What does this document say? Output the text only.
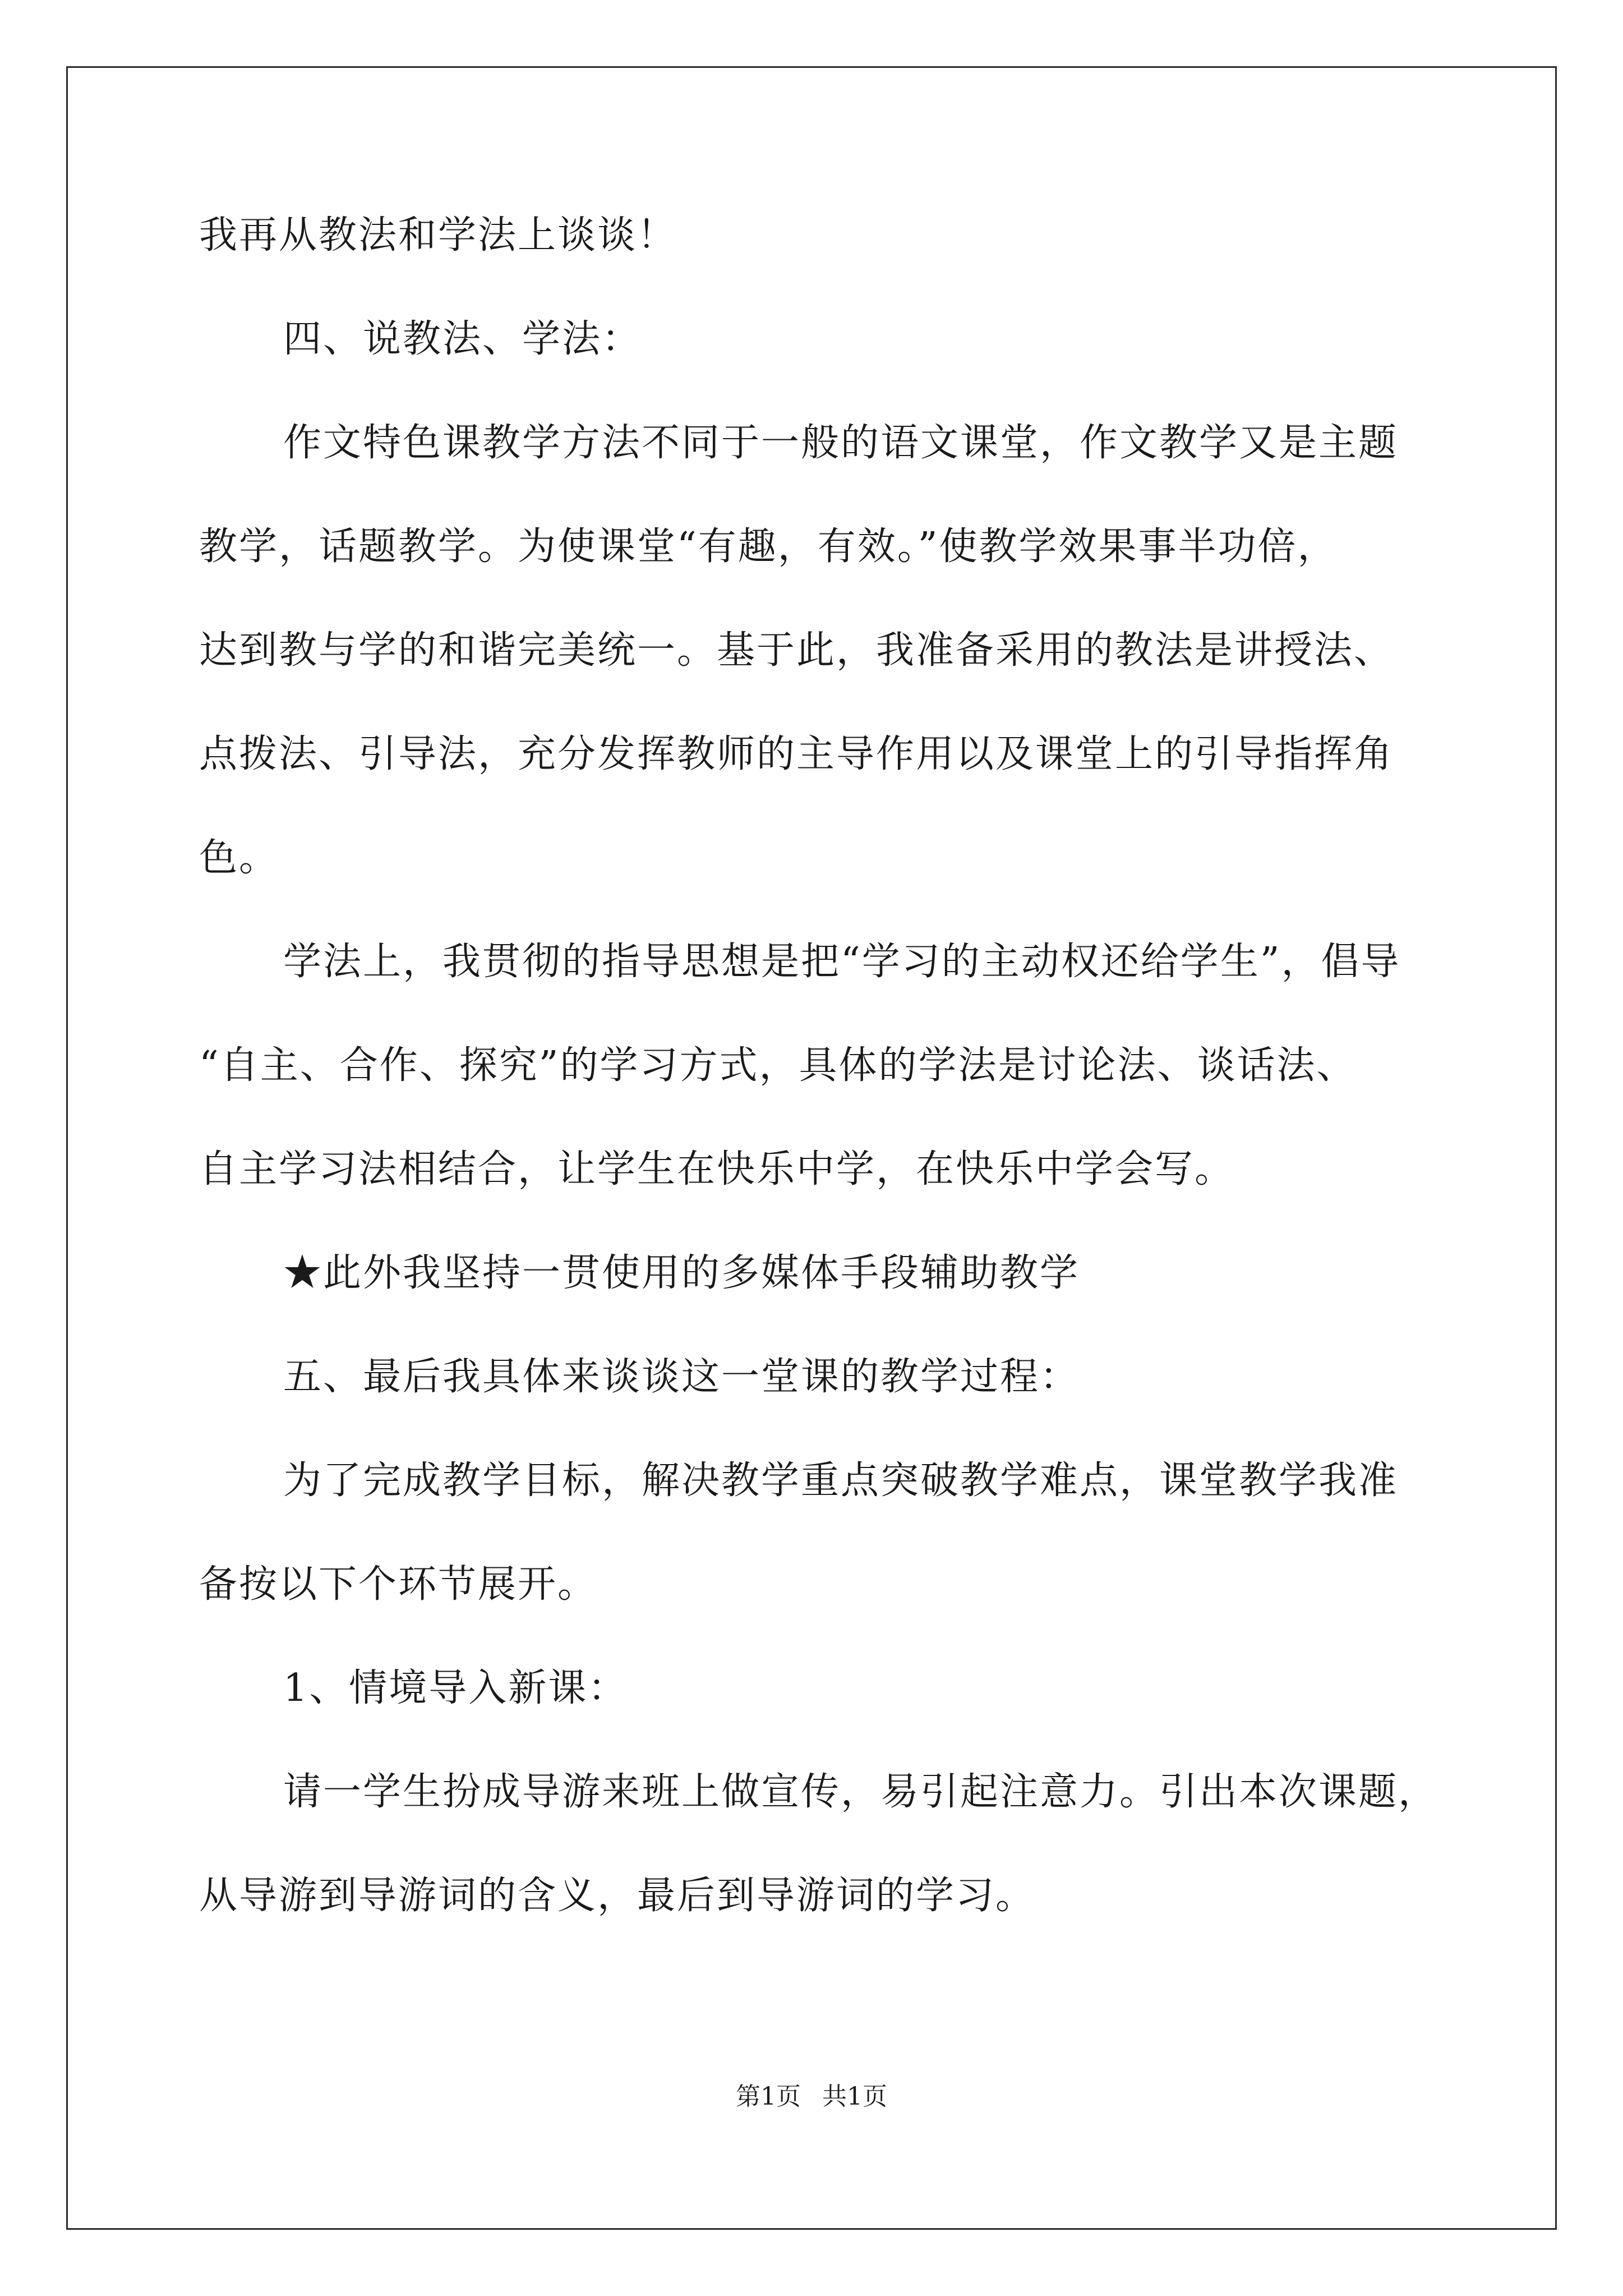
我再从教法和学法上谈谈！
四、说教法、学法：
作文特色课教学方法不同于一般的语文课堂，作文教学又是主题
教学，话题教学。为使课堂“有趣，有效。”使教学效果事半功倍，
达到教与学的和谐完美统一。基于此，我准备采用的教法是讲授法、
点拨法、引导法，充分发挥教师的主导作用以及课堂上的引导指挥角
色。
学法上，我贯彻的指导思想是把“学习的主动权还给学生”，倡导
“自主、合作、探究”的学习方式，具体的学法是讨论法、谈话法、
自主学习法相结合，让学生在快乐中学，在快乐中学会写。
★此外我坚持一贯使用的多媒体手段辅助教学
五、最后我具体来谈谈这一堂课的教学过程：
为了完成教学目标，解决教学重点突破教学难点，课堂教学我准
备按以下个环节展开。
1、情境导入新课：
请一学生扮成导游来班上做宣传，易引起注意力。引出本次课题，
从导游到导游词的含义，最后到导游词的学习。
第1页 共1页
